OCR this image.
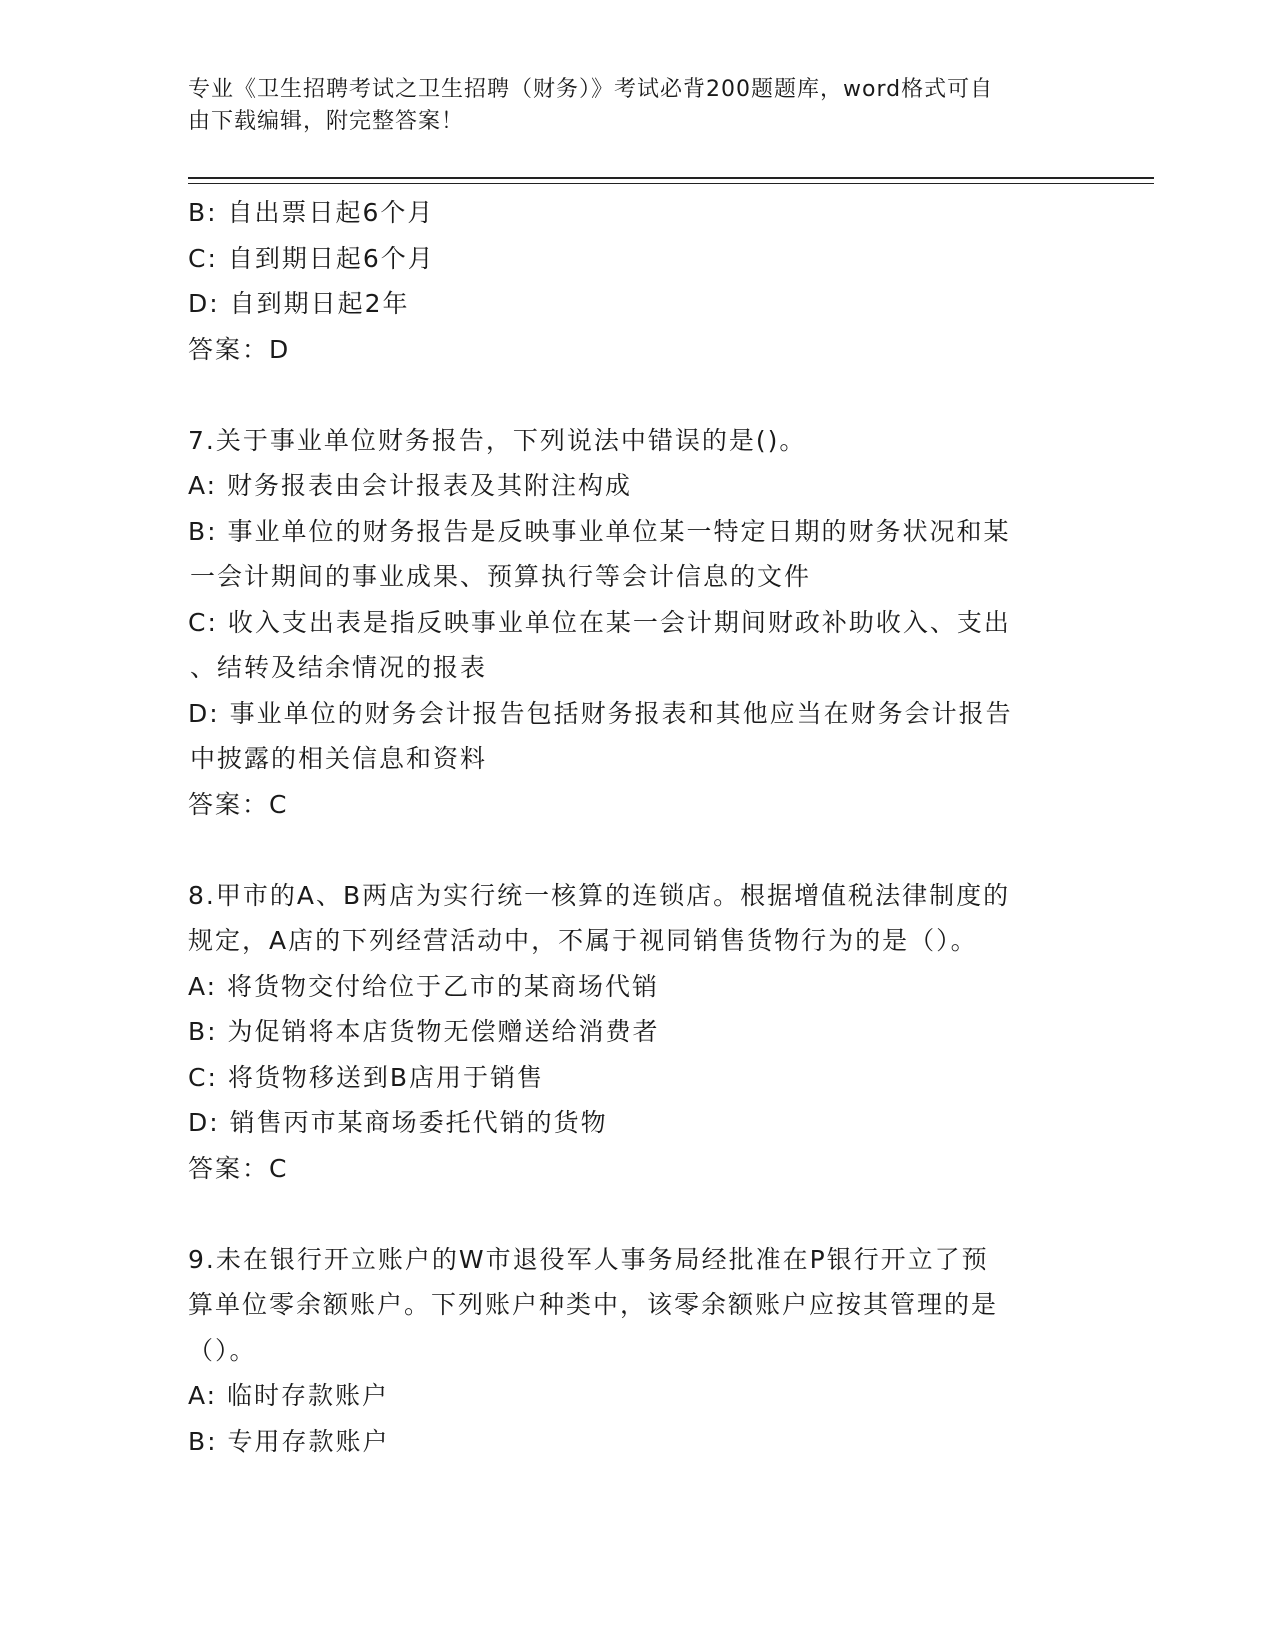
专业《卫生招聘考试之卫生招聘（财务）》考试必背200题题库，word格式可自
由下载编辑，附完整答案！
B: 自出票日起6个月
C: 自到期日起6个月
D: 自到期日起2年
答案：D
7.关于事业单位财务报告，下列说法中错误的是()。
A: 财务报表由会计报表及其附注构成
B: 事业单位的财务报告是反映事业单位某一特定日期的财务状况和某
一会计期间的事业成果、预算执行等会计信息的文件
C: 收入支出表是指反映事业单位在某一会计期间财政补助收入、支出
、结转及结余情况的报表
D: 事业单位的财务会计报告包括财务报表和其他应当在财务会计报告
中披露的相关信息和资料
答案：C
8.甲市的A、B两店为实行统一核算的连锁店。根据增值税法律制度的
规定，A店的下列经营活动中，不属于视同销售货物行为的是（）。
A: 将货物交付给位于乙市的某商场代销
B: 为促销将本店货物无偿赠送给消费者
C: 将货物移送到B店用于销售
D: 销售丙市某商场委托代销的货物
答案：C
9.未在银行开立账户的W市退役军人事务局经批准在P银行开立了预
算单位零余额账户。下列账户种类中，该零余额账户应按其管理的是
（）。
A: 临时存款账户
B: 专用存款账户
